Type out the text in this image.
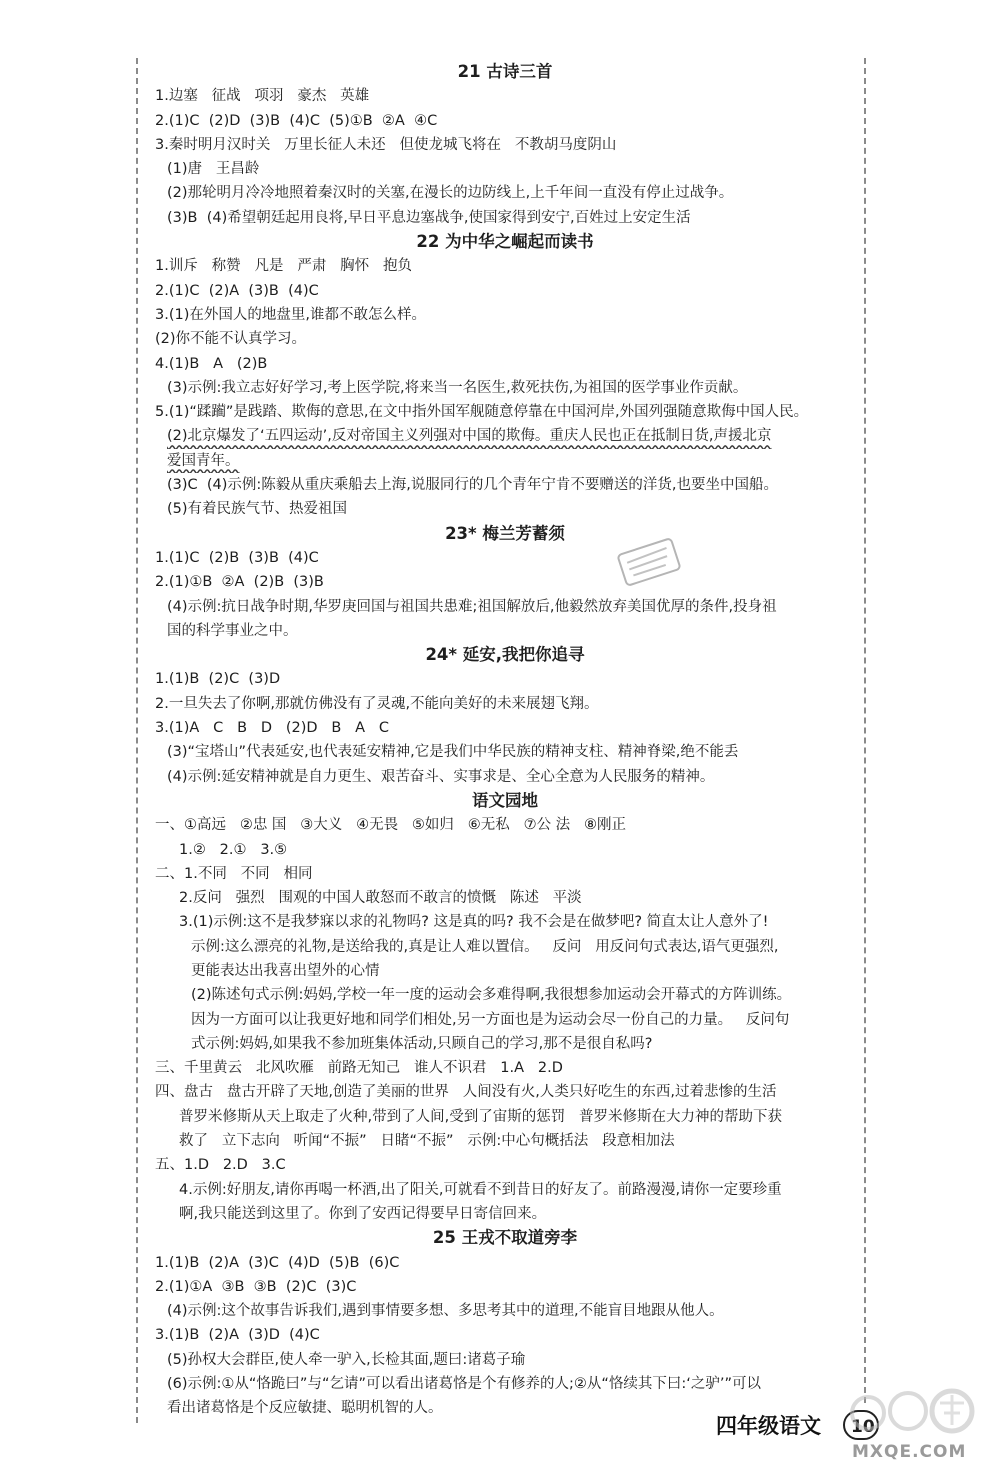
21 古诗三首
1.边塞   征战   项羽   豪杰   英雄
2.(1)C  (2)D  (3)B  (4)C  (5)①B  ②A  ④C
3.秦时明月汉时关   万里长征人未还   但使龙城飞将在   不教胡马度阴山
(1)唐   王昌龄
(2)那轮明月冷冷地照着秦汉时的关塞,在漫长的边防线上,上千年间一直没有停止过战争。
(3)B  (4)希望朝廷起用良将,早日平息边塞战争,使国家得到安宁,百姓过上安定生活
22 为中华之崛起而读书
1.训斥   称赞   凡是   严肃   胸怀   抱负
2.(1)C  (2)A  (3)B  (4)C
3.(1)在外国人的地盘里,谁都不敢怎么样。
(2)你不能不认真学习。
4.(1)B   A   (2)B
(3)示例:我立志好好学习,考上医学院,将来当一名医生,救死扶伤,为祖国的医学事业作贡献。
5.(1)“蹂躏”是践踏、欺侮的意思,在文中指外国军舰随意停靠在中国河岸,外国列强随意欺侮中国人民。
(2)北京爆发了‘五四运动’,反对帝国主义列强对中国的欺侮。重庆人民也正在抵制日货,声援北京
爱国青年。
(3)C  (4)示例:陈毅从重庆乘船去上海,说服同行的几个青年宁肯不要赠送的洋货,也要坐中国船。
(5)有着民族气节、热爱祖国
23* 梅兰芳蓄须
1.(1)C  (2)B  (3)B  (4)C
2.(1)①B  ②A  (2)B  (3)B
(4)示例:抗日战争时期,华罗庚回国与祖国共患难;祖国解放后,他毅然放弃美国优厚的条件,投身祖
国的科学事业之中。
24* 延安,我把你追寻
1.(1)B  (2)C  (3)D
2.一旦失去了你啊,那就仿佛没有了灵魂,不能向美好的未来展翅飞翔。
3.(1)A   C   B   D   (2)D   B   A   C
(3)“宝塔山”代表延安,也代表延安精神,它是我们中华民族的精神支柱、精神脊梁,绝不能丢
(4)示例:延安精神就是自力更生、艰苦奋斗、实事求是、全心全意为人民服务的精神。
语文园地
一、①高远   ②忠 国   ③大义   ④无畏   ⑤如归   ⑥无私   ⑦公 法   ⑧刚正
1.②   2.①   3.⑤
二、1.不同   不同   相同
2.反问   强烈   围观的中国人敢怒而不敢言的愤慨   陈述   平淡
3.(1)示例:这不是我梦寐以求的礼物吗? 这是真的吗? 我不会是在做梦吧? 简直太让人意外了!
示例:这么漂亮的礼物,是送给我的,真是让人难以置信。   反问   用反问句式表达,语气更强烈,
更能表达出我喜出望外的心情
(2)陈述句式示例:妈妈,学校一年一度的运动会多难得啊,我很想参加运动会开幕式的方阵训练。
因为一方面可以让我更好地和同学们相处,另一方面也是为运动会尽一份自己的力量。   反问句
式示例:妈妈,如果我不参加班集体活动,只顾自己的学习,那不是很自私吗?
三、千里黄云   北风吹雁   前路无知己   谁人不识君   1.A   2.D
四、盘古   盘古开辟了天地,创造了美丽的世界   人间没有火,人类只好吃生的东西,过着悲惨的生活
普罗米修斯从天上取走了火种,带到了人间,受到了宙斯的惩罚   普罗米修斯在大力神的帮助下获
救了   立下志向   听闻“不振”   日睹“不振”   示例:中心句概括法   段意相加法
五、1.D   2.D   3.C
4.示例:好朋友,请你再喝一杯酒,出了阳关,可就看不到昔日的好友了。前路漫漫,请你一定要珍重
啊,我只能送到这里了。你到了安西记得要早日寄信回来。
25 王戎不取道旁李
1.(1)B  (2)A  (3)C  (4)D  (5)B  (6)C
2.(1)①A  ③B  ③B  (2)C  (3)C
(4)示例:这个故事告诉我们,遇到事情要多想、多思考其中的道理,不能盲目地跟从他人。
3.(1)B  (2)A  (3)D  (4)C
(5)孙权大会群臣,使人牵一驴入,长检其面,题曰:诸葛子瑜
(6)示例:①从“恪跪曰”与“乞请”可以看出诸葛恪是个有修养的人;②从“恪续其下曰:‘之驴’”可以
看出诸葛恪是个反应敏捷、聪明机智的人。
四年级语文	10
MXQE.COM
